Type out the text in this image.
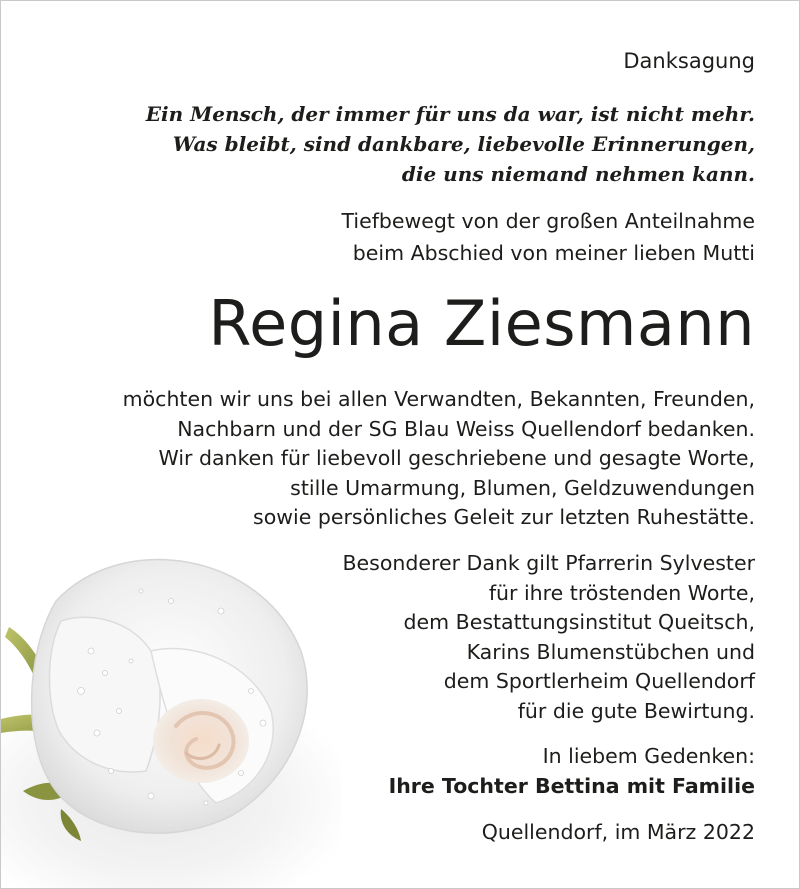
Danksagung
Ein Mensch, der immer für uns da war, ist nicht mehr.
Was bleibt, sind dankbare, liebevolle Erinnerungen,
die uns niemand nehmen kann.
Tiefbewegt von der großen Anteilnahme
beim Abschied von meiner lieben Mutti
Regina Ziesmann
möchten wir uns bei allen Verwandten, Bekannten, Freunden,
Nachbarn und der SG Blau Weiss Quellendorf bedanken.
Wir danken für liebevoll geschriebene und gesagte Worte,
stille Umarmung, Blumen, Geldzuwendungen
sowie persönliches Geleit zur letzten Ruhestätte.
Besonderer Dank gilt Pfarrerin Sylvester
für ihre tröstenden Worte,
dem Bestattungsinstitut Queitsch,
Karins Blumenstübchen und
dem Sportlerheim Quellendorf
für die gute Bewirtung.
In liebem Gedenken:
Ihre Tochter Bettina mit Familie
Quellendorf, im März 2022
